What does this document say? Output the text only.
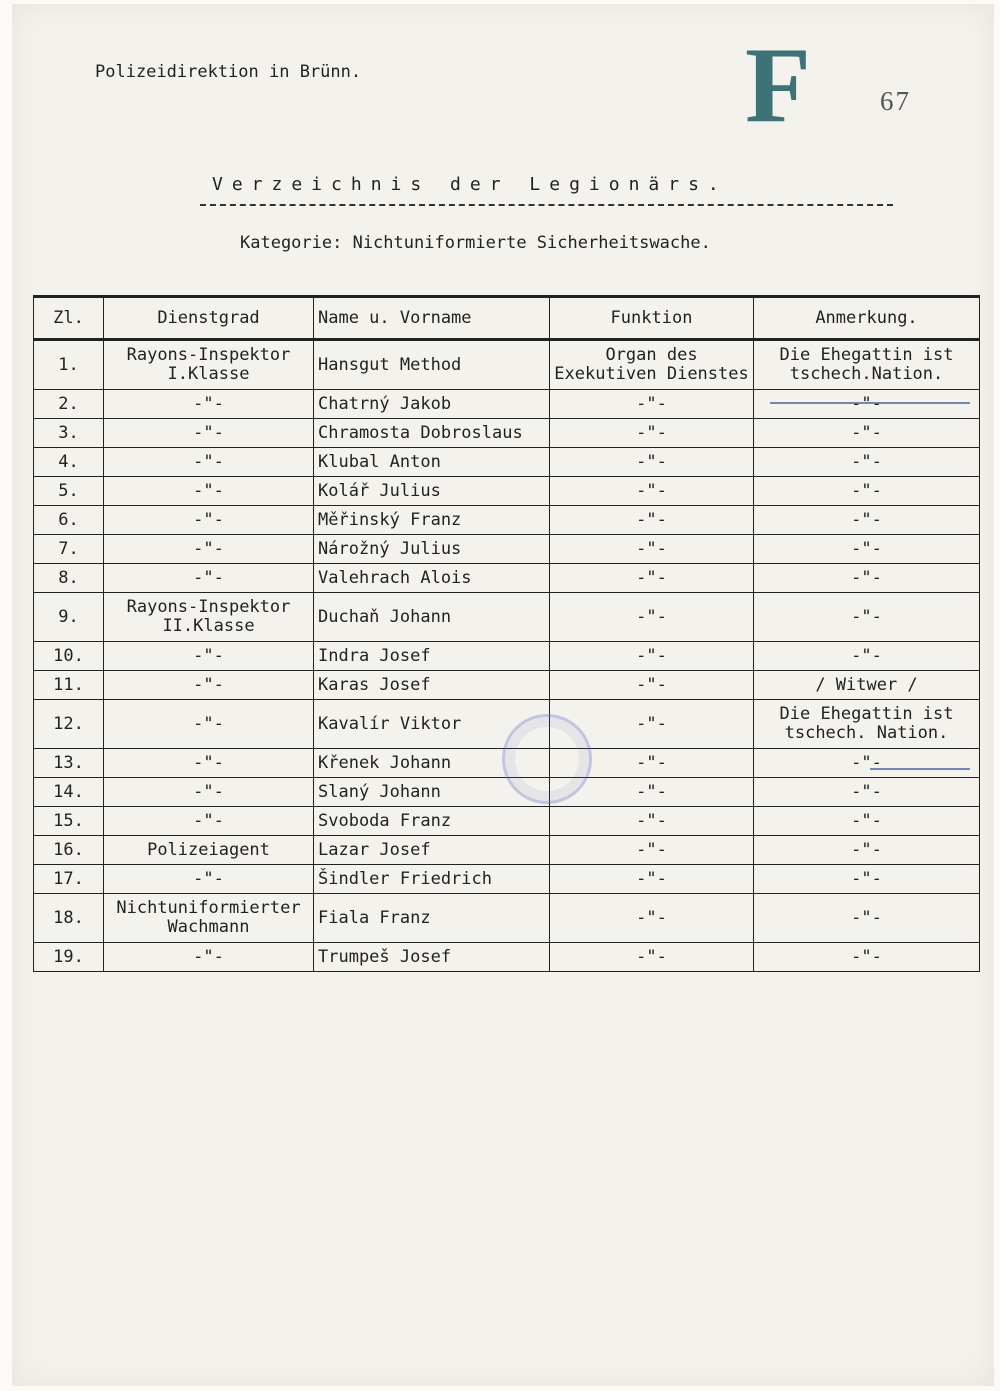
Polizeidirektion in Brünn.	F	67
Verzeichnis der Legionärs.
Kategorie: Nichtuniformierte Sicherheitswache.
Zl.	Dienstgrad	Name u. Vorname	Funktion	Anmerkung.
1.	Rayons-Inspektor I.Klasse	Hansgut Method	Organ des Exekutiven Dienstes	Die Ehegattin ist tschech.Nation.
2.	-"-	Chatrný Jakob	-"-	-"-
3.	-"-	Chramosta Dobroslaus	-"-	-"-
4.	-"-	Klubal Anton	-"-	-"-
5.	-"-	Kolář Julius	-"-	-"-
6.	-"-	Měřinský Franz	-"-	-"-
7.	-"-	Nárožný Julius	-"-	-"-
8.	-"-	Valehrach Alois	-"-	-"-
9.	Rayons-Inspektor II.Klasse	Duchaň Johann	-"-	-"-
10.	-"-	Indra Josef	-"-	-"-
11.	-"-	Karas Josef	-"-	/ Witwer /
12.	-"-	Kavalír Viktor	-"-	Die Ehegattin ist tschech. Nation.
13.	-"-	Křenek Johann	-"-	-"-
14.	-"-	Slaný Johann	-"-	-"-
15.	-"-	Svoboda Franz	-"-	-"-
16.	Polizeiagent	Lazar Josef	-"-	-"-
17.	-"-	Šindler Friedrich	-"-	-"-
18.	Nichtuniformierter Wachmann	Fiala Franz	-"-	-"-
19.	-"-	Trumpeš Josef	-"-	-"-
